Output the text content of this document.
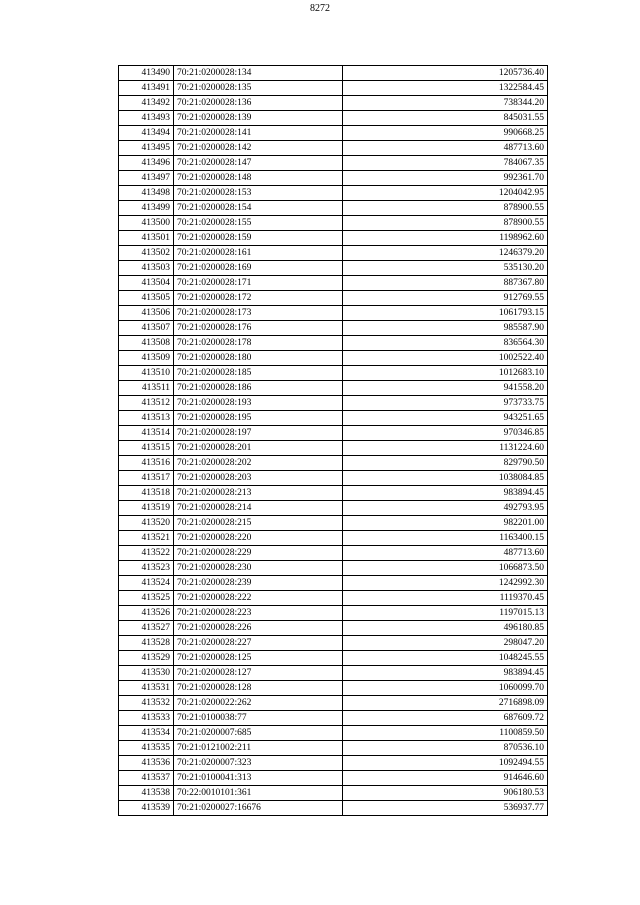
8272
413490	70:21:0200028:134	1205736.40
413491	70:21:0200028:135	1322584.45
413492	70:21:0200028:136	738344.20
413493	70:21:0200028:139	845031.55
413494	70:21:0200028:141	990668.25
413495	70:21:0200028:142	487713.60
413496	70:21:0200028:147	784067.35
413497	70:21:0200028:148	992361.70
413498	70:21:0200028:153	1204042.95
413499	70:21:0200028:154	878900.55
413500	70:21:0200028:155	878900.55
413501	70:21:0200028:159	1198962.60
413502	70:21:0200028:161	1246379.20
413503	70:21:0200028:169	535130.20
413504	70:21:0200028:171	887367.80
413505	70:21:0200028:172	912769.55
413506	70:21:0200028:173	1061793.15
413507	70:21:0200028:176	985587.90
413508	70:21:0200028:178	836564.30
413509	70:21:0200028:180	1002522.40
413510	70:21:0200028:185	1012683.10
413511	70:21:0200028:186	941558.20
413512	70:21:0200028:193	973733.75
413513	70:21:0200028:195	943251.65
413514	70:21:0200028:197	970346.85
413515	70:21:0200028:201	1131224.60
413516	70:21:0200028:202	829790.50
413517	70:21:0200028:203	1038084.85
413518	70:21:0200028:213	983894.45
413519	70:21:0200028:214	492793.95
413520	70:21:0200028:215	982201.00
413521	70:21:0200028:220	1163400.15
413522	70:21:0200028:229	487713.60
413523	70:21:0200028:230	1066873.50
413524	70:21:0200028:239	1242992.30
413525	70:21:0200028:222	1119370.45
413526	70:21:0200028:223	1197015.13
413527	70:21:0200028:226	496180.85
413528	70:21:0200028:227	298047.20
413529	70:21:0200028:125	1048245.55
413530	70:21:0200028:127	983894.45
413531	70:21:0200028:128	1060099.70
413532	70:21:0200022:262	2716898.09
413533	70:21:0100038:77	687609.72
413534	70:21:0200007:685	1100859.50
413535	70:21:0121002:211	870536.10
413536	70:21:0200007:323	1092494.55
413537	70:21:0100041:313	914646.60
413538	70:22:0010101:361	906180.53
413539	70:21:0200027:16676	536937.77
